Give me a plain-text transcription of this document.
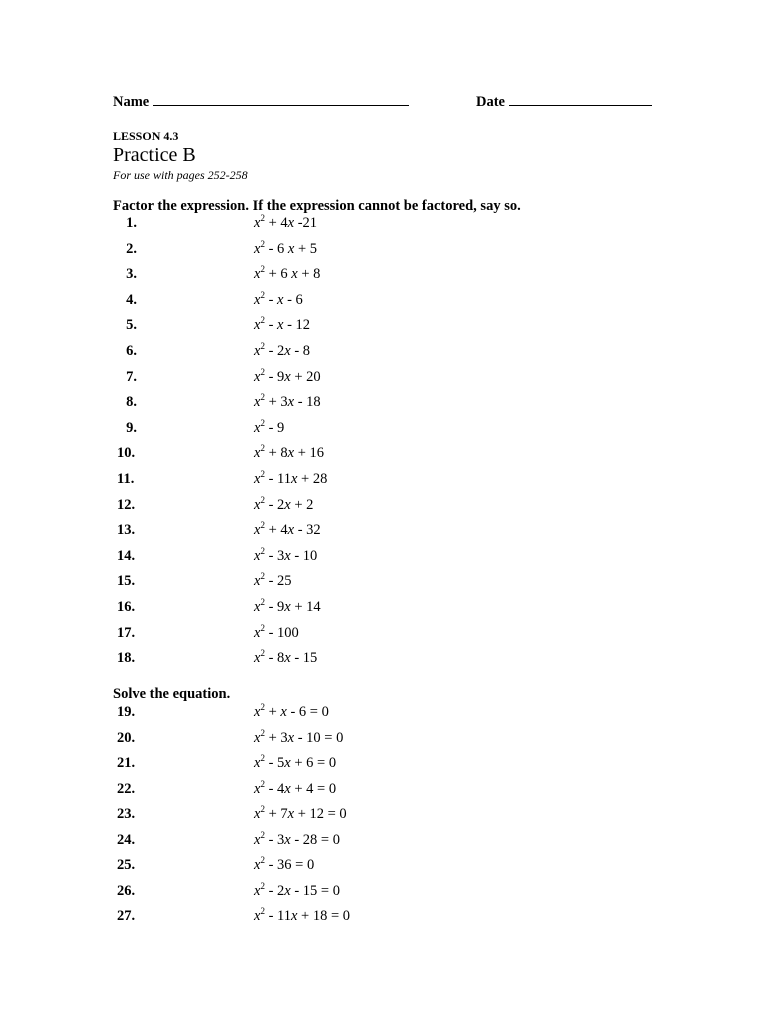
Name	Date
LESSON 4.3
Practice B
For use with pages 252-258
Factor the expression. If the expression cannot be factored, say so.
1.	$x^2 + 4x$ -21
2.	$x^2 - 6$ x + 5
3.	$x^2 + 6$ x + 8
4.	$x^2$ - x - 6
5.	$x^2$ - x - 12
6.	$x^2 - 2x - 8$
7.	$x^2 - 9x + 20$
8.	$x^2 + 3x - 18$
9.	$x^2 - 9$
10.	$x^2 + 8x + 16$
11.	$x^2 - 11x + 28$
12.	$x^2 - 2x + 2$
13.	$x^2 + 4x - 32$
14.	$x^2 - 3x - 10$
15.	$x^2 - 25$
16.	$x^2 - 9x + 14$
17.	$x^2 - 100$
18.	$x^2 - 8x - 15$
Solve the equation.
19.	$x^2 + x - 6 = 0$
20.	$x^2 + 3x - 10 = 0$
21.	$x^2 - 5x + 6 = 0$
22.	$x^2 - 4x + 4 = 0$
23.	$x^2 + 7x + 12 = 0$
24.	$x^2 - 3x - 28 = 0$
25.	$x^2 - 36 = 0$
26.	$x^2 - 2x - 15 = 0$
27.	$x^2 - 11x + 18 = 0$
